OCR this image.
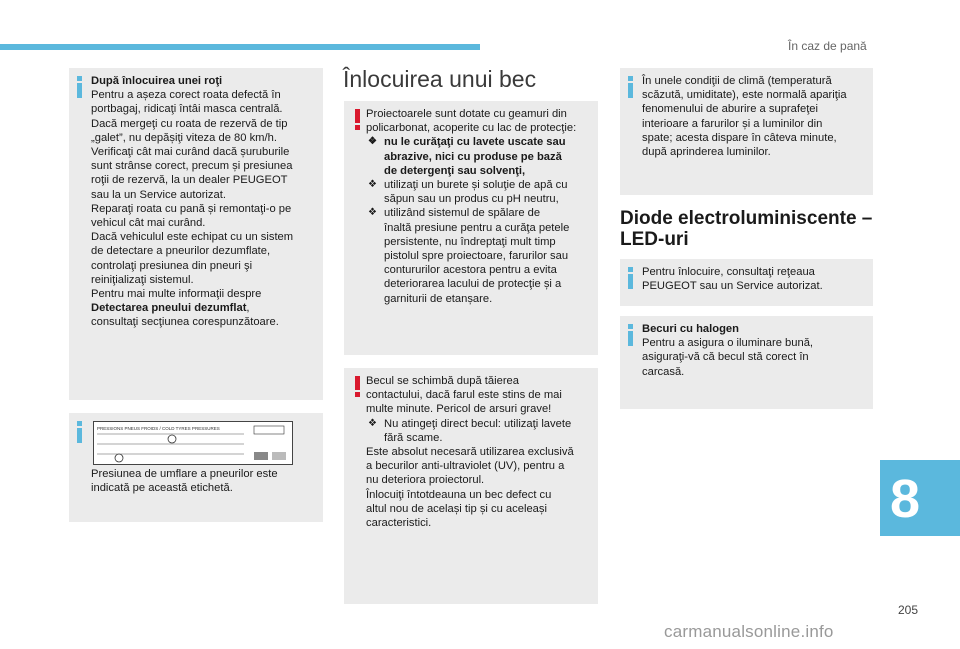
În caz de pană

După înlocuirea unei roţi

Pentru a așeza corect roata defectă în
portbagaj, ridicaţi întâi masca centrală.
Dacă mergeţi cu roata de rezervă de tip
„galet”, nu depășiţi viteza de 80 km/h.
Verificaţi cât mai curând dacă șuruburile
sunt strânse corect, precum și presiunea
roţii de rezervă, la un dealer PEUGEOT
sau la un Service autorizat.
Reparaţi roata cu pană și remontaţi-o pe
vehicul cât mai curând.
Dacă vehiculul este echipat cu un sistem
de detectare a pneurilor dezumflate,
controlaţi presiunea din pneuri şi
reiniţializaţi sistemul.
Pentru mai multe informaţii despre

Detectarea pneului dezumflat,

consultaţi secţiunea corespunzătoare.

PRESSIONS PNEUS FROIDS / COLD TYRES PRESSURES
Presiunea de umflare a pneurilor este
indicată pe această etichetă.
Înlocuirea unui bec
Proiectoarele sunt dotate cu geamuri din
policarbonat, acoperite cu lac de protecţie:
❖ nu le curăţaţi cu lavete uscate sau
abrazive, nici cu produse pe bază
de detergenţi sau solvenţi,
❖ utilizaţi un burete și soluţie de apă cu
săpun sau un produs cu pH neutru,
❖ utilizând sistemul de spălare de
înaltă presiune pentru a curăţa petele
persistente, nu îndreptaţi mult timp
pistolul spre proiectoare, farurilor sau
contururilor acestora pentru a evita
deteriorarea lacului de protecţie și a
garniturii de etanșare.
Becul se schimbă după tăierea
contactului, dacă farul este stins de mai
multe minute. Pericol de arsuri grave!
❖ Nu atingeţi direct becul: utilizaţi lavete
fără scame.
Este absolut necesară utilizarea exclusivă
a becurilor anti-ultraviolet (UV), pentru a
nu deteriora proiectorul.
Înlocuiţi întotdeauna un bec defect cu
altul nou de același tip și cu aceleași
caracteristici.
În unele condiţii de climă (temperatură
scăzută, umiditate), este normală apariţia
fenomenului de aburire a suprafeţei
interioare a farurilor și a luminilor din
spate; acesta dispare în câteva minute,
după aprinderea luminilor.
Diode electroluminiscente –
LED-uri
Pentru înlocuire, consultaţi reţeaua
PEUGEOT sau un Service autorizat.

Becuri cu halogen

Pentru a asigura o iluminare bună,
asiguraţi-vă că becul stă corect în
carcasă.
8
205
carmanualsonline.info
